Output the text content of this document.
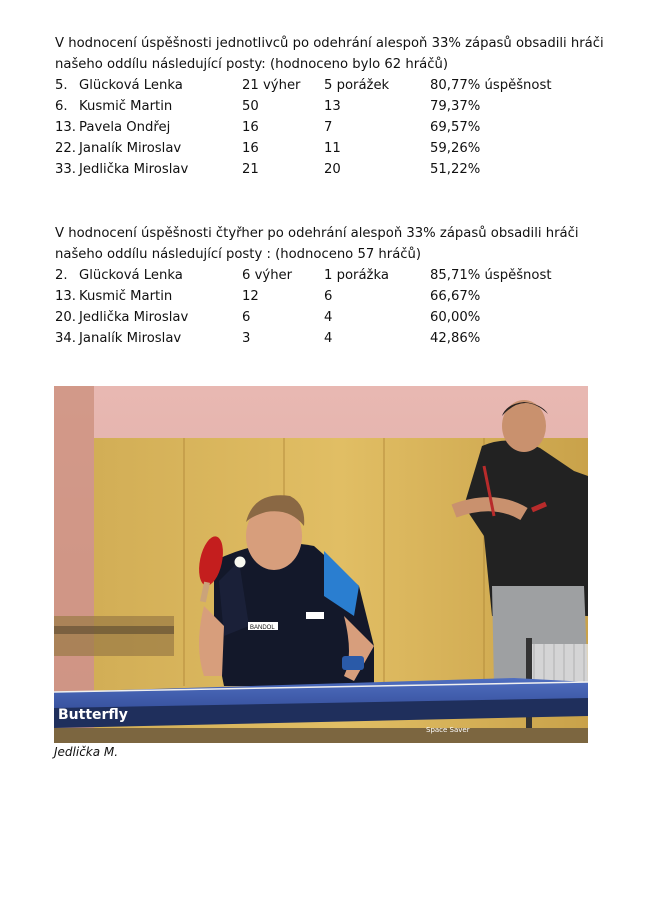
V hodnocení úspěšnosti jednotlivců po odehrání alespoň 33% zápasů obsadili hráči našeho oddílu následující posty: (hodnoceno bylo 62 hráčů)

5. Glücková Lenka	21 výher 5 porážek	80,77% úspěšnost
6. Kusmič Martin	50	13	79,37%
13. Pavela Ondřej	16	7	69,57%
22. Janalík Miroslav	16	11	59,26%
33. Jedlička Miroslav	21	20	51,22%

V hodnocení úspěšnosti čtyřher po odehrání alespoň 33% zápasů obsadili hráči našeho oddílu následující posty : (hodnoceno 57 hráčů)

2. Glücková Lenka	6 výher 1 porážka	85,71% úspěšnost
13. Kusmič Martin	12	6	66,67%
20. Jedlička Miroslav	6	4	60,00%
34. Janalík Miroslav	3	4	42,86%
BANDOL
Butterfly
Space Saver
Jedlička M.
